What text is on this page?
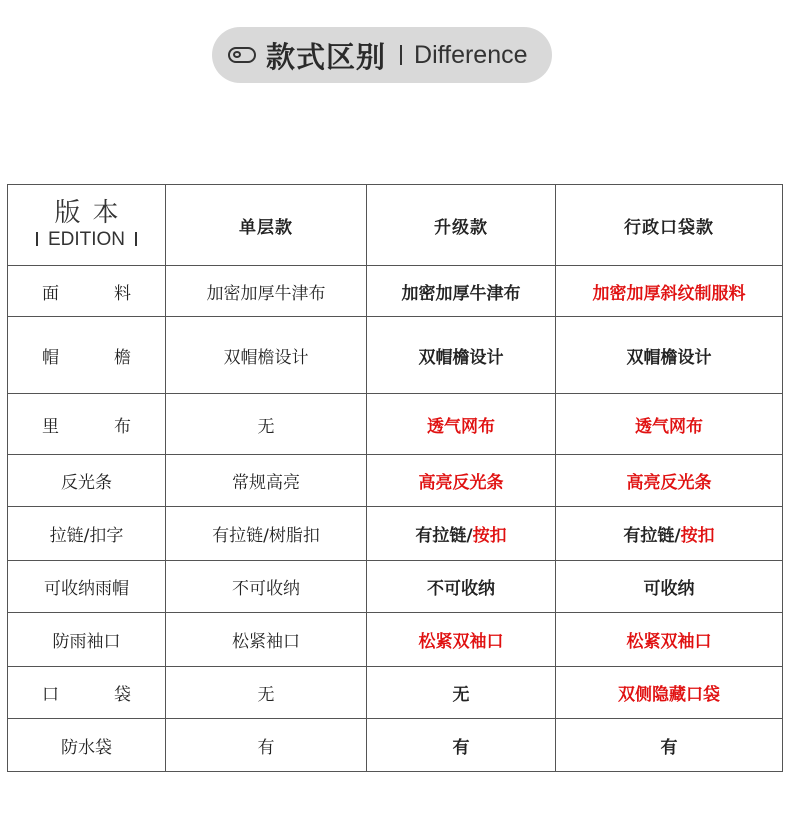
款式区别 Difference
版本
EDITION	单层款	升级款	行政口袋款
面 料	加密加厚牛津布	加密加厚牛津布	加密加厚斜纹制服料
帽 檐	双帽檐设计	双帽檐设计	双帽檐设计
里 布	无	透气网布	透气网布
反光条	常规高亮	高亮反光条	高亮反光条
拉链/扣字	有拉链/树脂扣	有拉链/按扣	有拉链/按扣
可收纳雨帽	不可收纳	不可收纳	可收纳
防雨袖口	松紧袖口	松紧双袖口	松紧双袖口
口 袋	无	无	双侧隐藏口袋
防水袋	有	有	有
